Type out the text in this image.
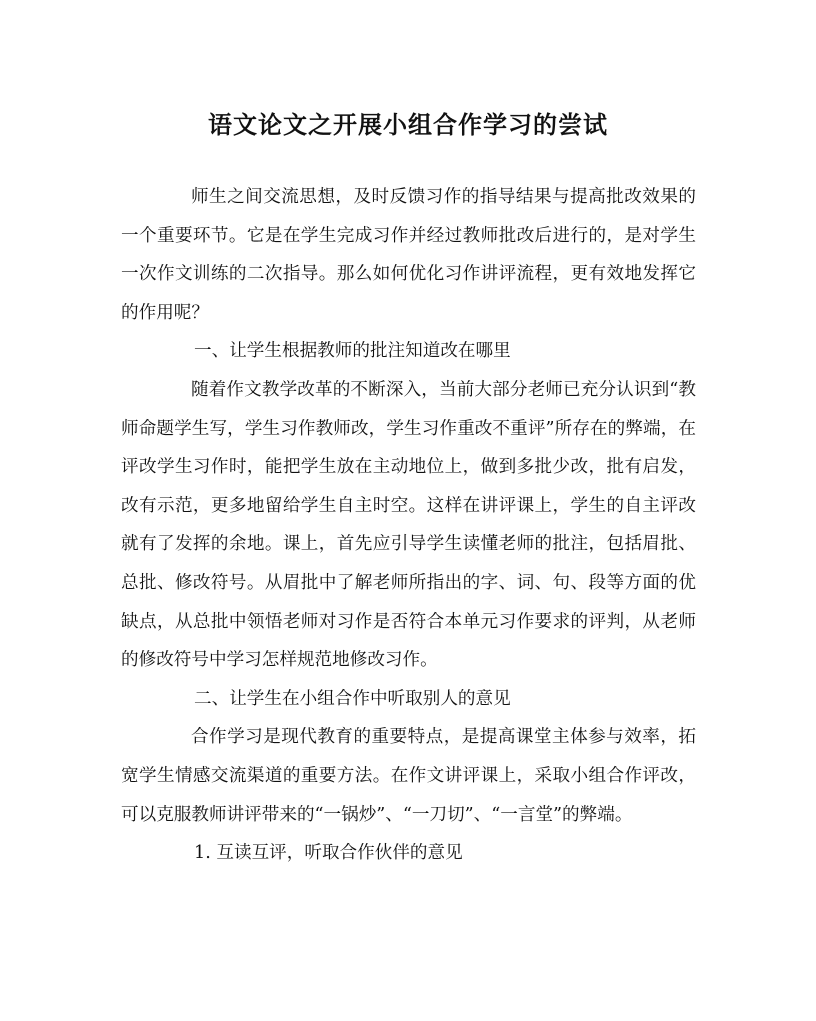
语文论文之开展小组合作学习的尝试

师生之间交流思想，及时反馈习作的指导结果与提高批改效果的一个重要环节。它是在学生完成习作并经过教师批改后进行的，是对学生一次作文训练的二次指导。那么如何优化习作讲评流程，更有效地发挥它的作用呢？

一、让学生根据教师的批注知道改在哪里

随着作文教学改革的不断深入，当前大部分老师已充分认识到“教师命题学生写，学生习作教师改，学生习作重改不重评”所存在的弊端，在评改学生习作时，能把学生放在主动地位上，做到多批少改，批有启发，改有示范，更多地留给学生自主时空。这样在讲评课上，学生的自主评改就有了发挥的余地。课上，首先应引导学生读懂老师的批注，包括眉批、总批、修改符号。从眉批中了解老师所指出的字、词、句、段等方面的优缺点，从总批中领悟老师对习作是否符合本单元习作要求的评判，从老师的修改符号中学习怎样规范地修改习作。

二、让学生在小组合作中听取别人的意见

合作学习是现代教育的重要特点，是提高课堂主体参与效率，拓宽学生情感交流渠道的重要方法。在作文讲评课上，采取小组合作评改，可以克服教师讲评带来的“一锅炒”、“一刀切”、“一言堂”的弊端。

1. 互读互评，听取合作伙伴的意见
